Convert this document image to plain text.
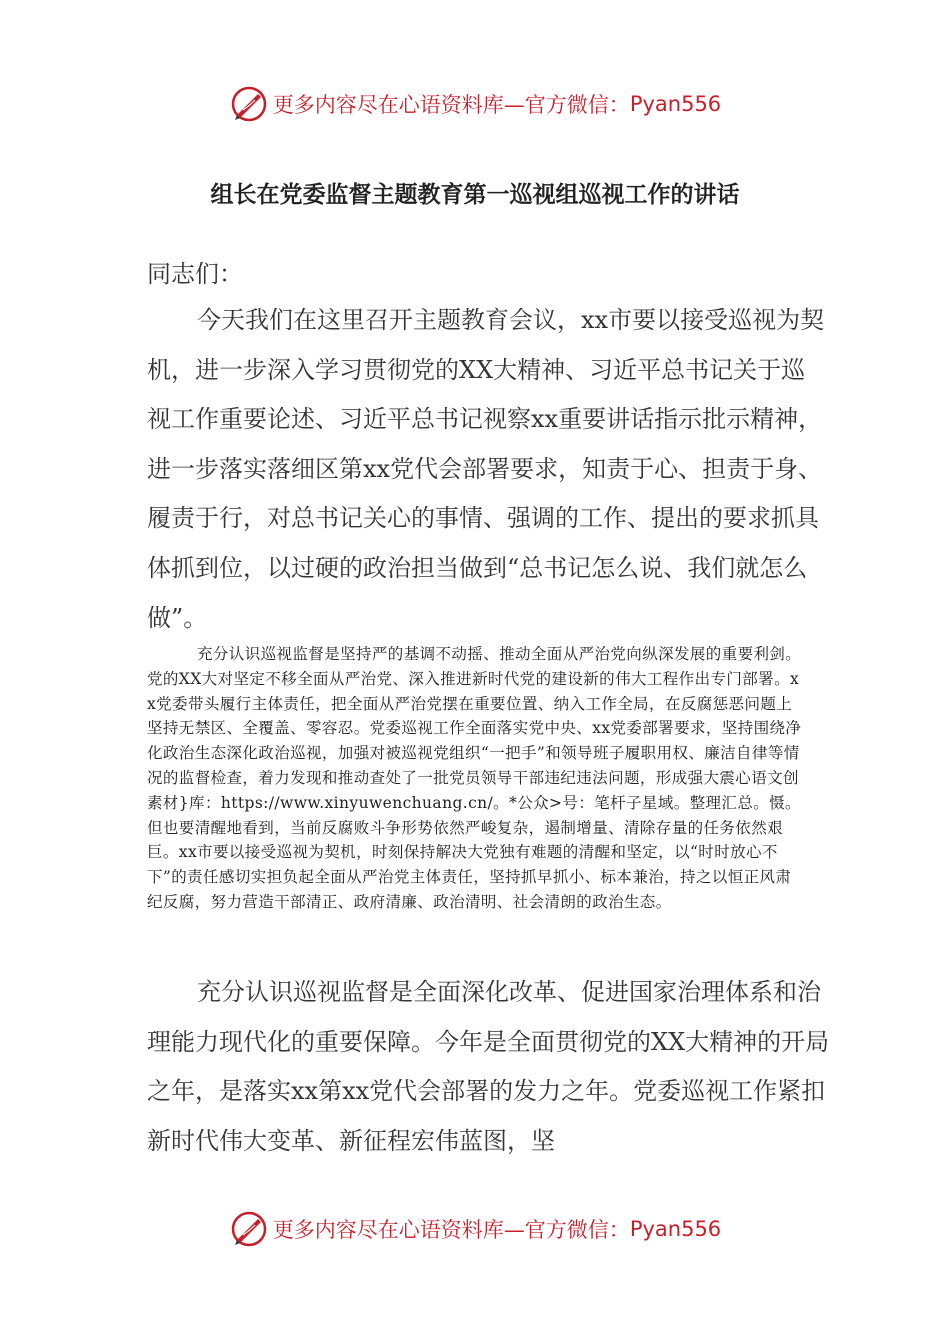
更多内容尽在心语资料库—官方微信： Pyan556
组长在党委监督主题教育第一巡视组巡视工作的讲话

同志们：

今天我们在这里召开主题教育会议，xx市要以接受巡视为契机，进一步深入学习贯彻党的XX大精神、习近平总书记关于巡视工作重要论述、习近平总书记视察xx重要讲话指示批示精神，进一步落实落细区第xx党代会部署要求，知责于心、担责于身、履责于行，对总书记关心的事情、强调的工作、提出的要求抓具体抓到位，以过硬的政治担当做到“总书记怎么说、我们就怎么做”。

充分认识巡视监督是坚持严的基调不动摇、推动全面从严治党向纵深发展的重要利剑。党的XX大对坚定不移全面从严治党、深入推进新时代党的建设新的伟大工程作出专门部署。xx党委带头履行主体责任，把全面从严治党摆在重要位置、纳入工作全局，在反腐惩恶问题上坚持无禁区、全覆盖、零容忍。党委巡视工作全面落实党中央、xx党委部署要求，坚持围绕净化政治生态深化政治巡视，加强对被巡视党组织“一把手”和领导班子履职用权、廉洁自律等情况的监督检查，着力发现和推动查处了一批党员领导干部违纪违法问题，形成强大震心语文创素材}库：https://www.xinyuwenchuang.cn/。*公众>号：笔杆子星域。整理汇总。慑。但也要清醒地看到，当前反腐败斗争形势依然严峻复杂，遏制增量、清除存量的任务依然艰巨。xx市要以接受巡视为契机，时刻保持解决大党独有难题的清醒和坚定，以“时时放心不下”的责任感切实担负起全面从严治党主体责任，坚持抓早抓小、标本兼治，持之以恒正风肃纪反腐，努力营造干部清正、政府清廉、政治清明、社会清朗的政治生态。

充分认识巡视监督是全面深化改革、促进国家治理体系和治理能力现代化的重要保障。今年是全面贯彻党的XX大精神的开局之年，是落实xx第xx党代会部署的发力之年。党委巡视工作紧扣新时代伟大变革、新征程宏伟蓝图，坚

更多内容尽在心语资料库—官方微信： Pyan556
